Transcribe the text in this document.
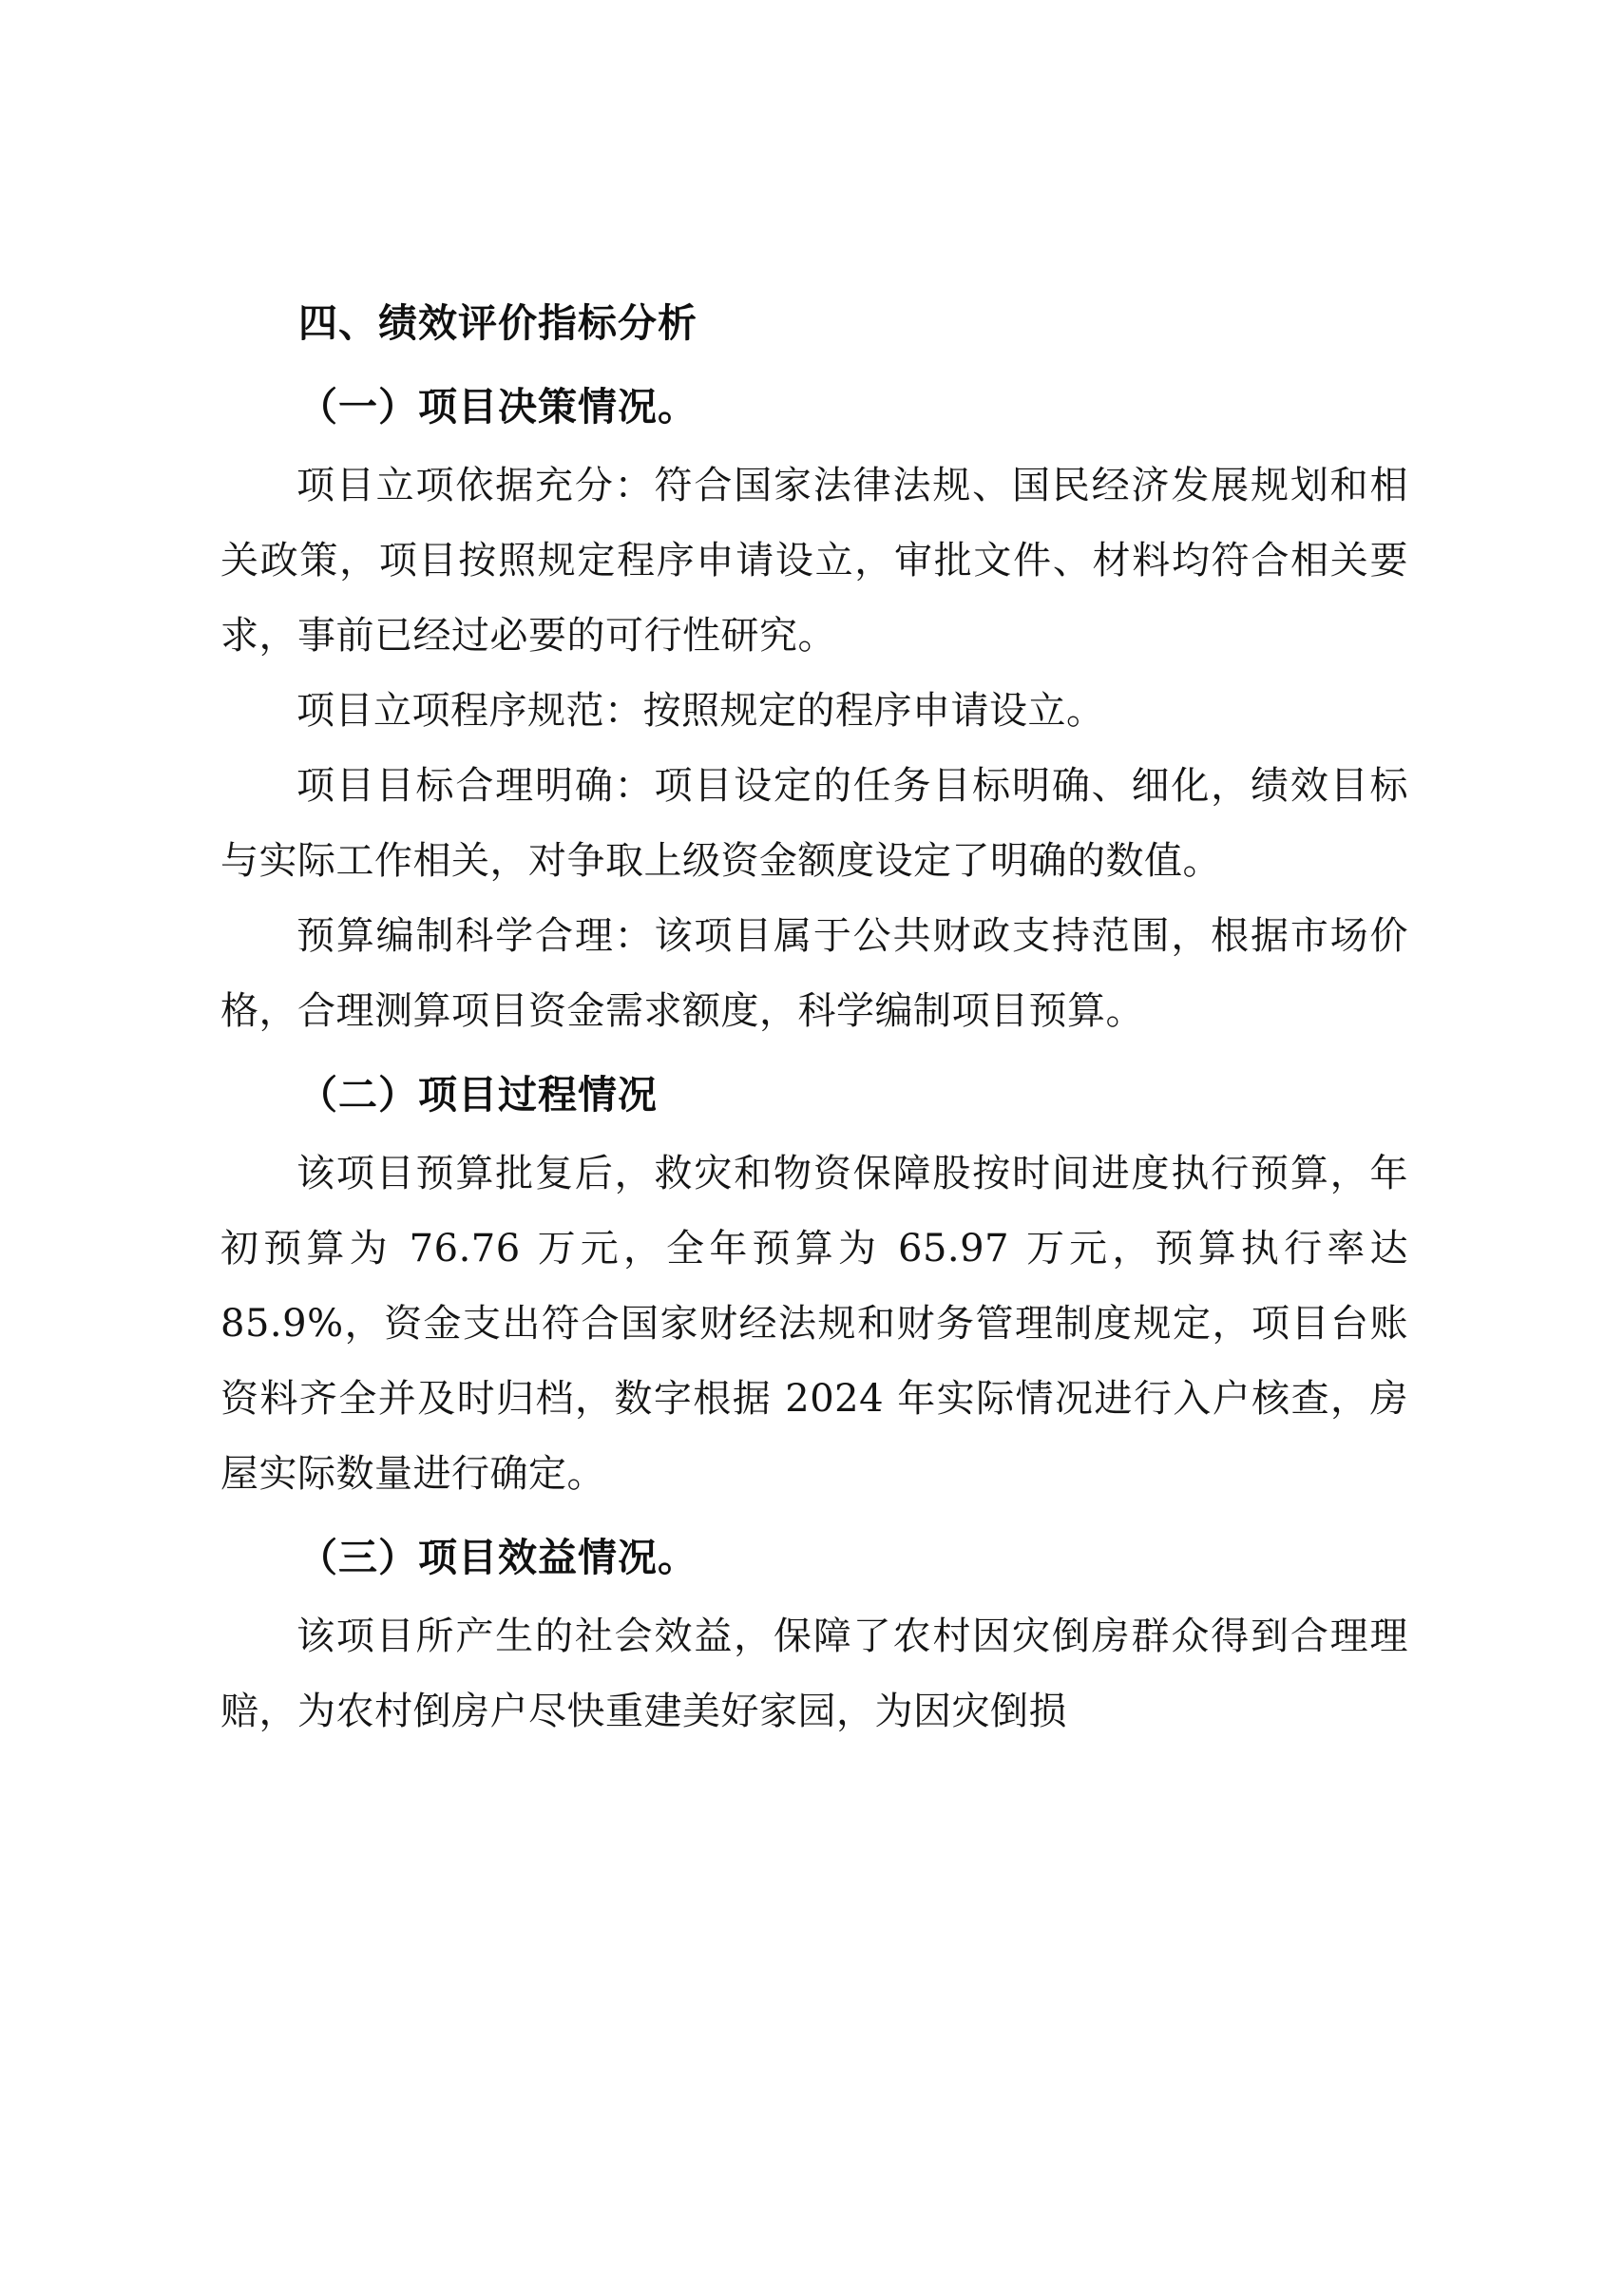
四、绩效评价指标分析

（一）项目决策情况。

项目立项依据充分：符合国家法律法规、国民经济发展规划和相关政策，项目按照规定程序申请设立，审批文件、材料均符合相关要求，事前已经过必要的可行性研究。

项目立项程序规范：按照规定的程序申请设立。

项目目标合理明确：项目设定的任务目标明确、细化，绩效目标与实际工作相关，对争取上级资金额度设定了明确的数值。

预算编制科学合理：该项目属于公共财政支持范围，根据市场价格，合理测算项目资金需求额度，科学编制项目预算。

（二）项目过程情况

该项目预算批复后，救灾和物资保障股按时间进度执行预算，年初预算为 76.76 万元，全年预算为 65.97 万元，预算执行率达 85.9%，资金支出符合国家财经法规和财务管理制度规定，项目台账资料齐全并及时归档，数字根据 2024 年实际情况进行入户核查，房屋实际数量进行确定。

（三）项目效益情况。

该项目所产生的社会效益，保障了农村因灾倒房群众得到合理理赔，为农村倒房户尽快重建美好家园，为因灾倒损
